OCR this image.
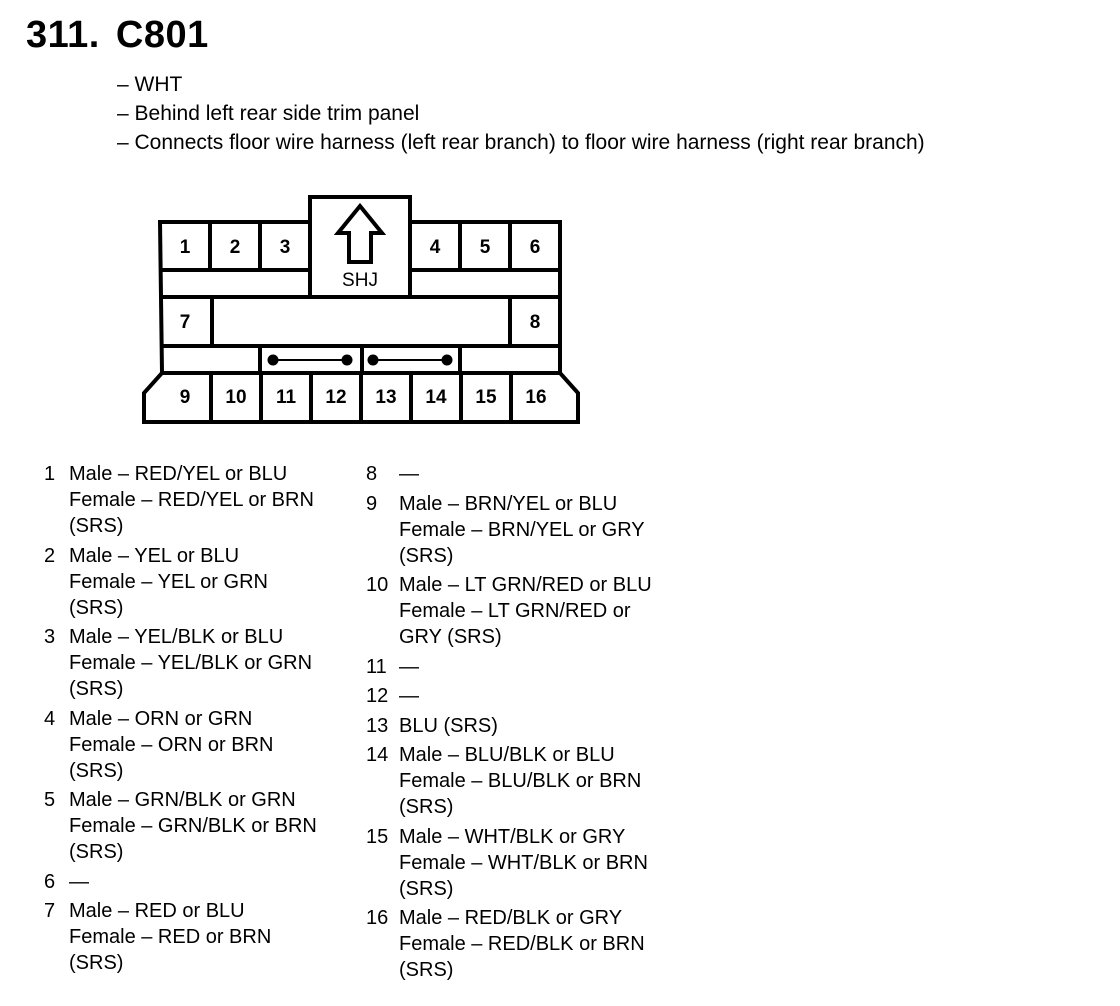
311. C801
– WHT
– Behind left rear side trim panel
– Connects floor wire harness (left rear branch) to floor wire harness (right rear branch)
SHJ
1 2 3	4 5 6
7	8
9 10 11 12 13 14 15 16
1 Male – RED/YEL or BLU
Female – RED/YEL or BRN
(SRS)
2 Male – YEL or BLU
Female – YEL or GRN
(SRS)
3 Male – YEL/BLK or BLU
Female – YEL/BLK or GRN
(SRS)
4 Male – ORN or GRN
Female – ORN or BRN
(SRS)
5 Male – GRN/BLK or GRN
Female – GRN/BLK or BRN
(SRS)
6 —
7 Male – RED or BLU
Female – RED or BRN
(SRS)
8	—
9	Male – BRN/YEL or BLU
Female – BRN/YEL or GRY
(SRS)
10 Male – LT GRN/RED or BLU
Female – LT GRN/RED or
GRY (SRS)
11 —
12 —
13 BLU (SRS)
14 Male – BLU/BLK or BLU
Female – BLU/BLK or BRN
(SRS)
15 Male – WHT/BLK or GRY
Female – WHT/BLK or BRN
(SRS)
16 Male – RED/BLK or GRY
Female – RED/BLK or BRN
(SRS)
